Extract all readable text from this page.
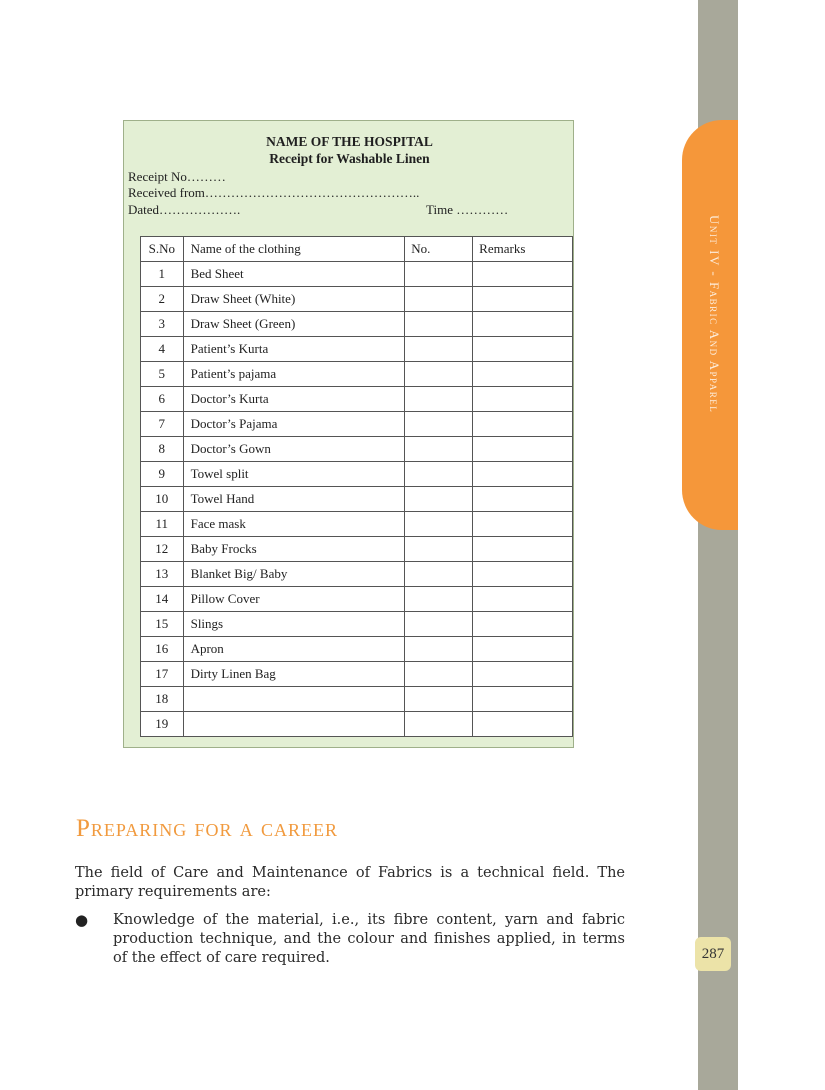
Unit IV - Fabric And Apparel
287
NAME OF THE HOSPITAL
Receipt for Washable Linen
Receipt No………
Received from…………………………………………..
Dated……………….	Time …………
S.No	Name of the clothing	No.	Remarks
1	Bed Sheet		
2	Draw Sheet (White)		
3	Draw Sheet (Green)		
4	Patient’s Kurta		
5	Patient’s pajama		
6	Doctor’s Kurta		
7	Doctor’s Pajama		
8	Doctor’s Gown		
9	Towel split		
10	Towel Hand		
11	Face mask		
12	Baby Frocks		
13	Blanket Big/ Baby		
14	Pillow Cover		
15	Slings		
16	Apron		
17	Dirty Linen Bag		
18			
19			
Preparing for a career
The field of Care and Maintenance of Fabrics is a technical field. The primary requirements are:
● Knowledge of the material, i.e., its fibre content, yarn and fabric production technique, and the colour and finishes applied, in terms of the effect of care required.
